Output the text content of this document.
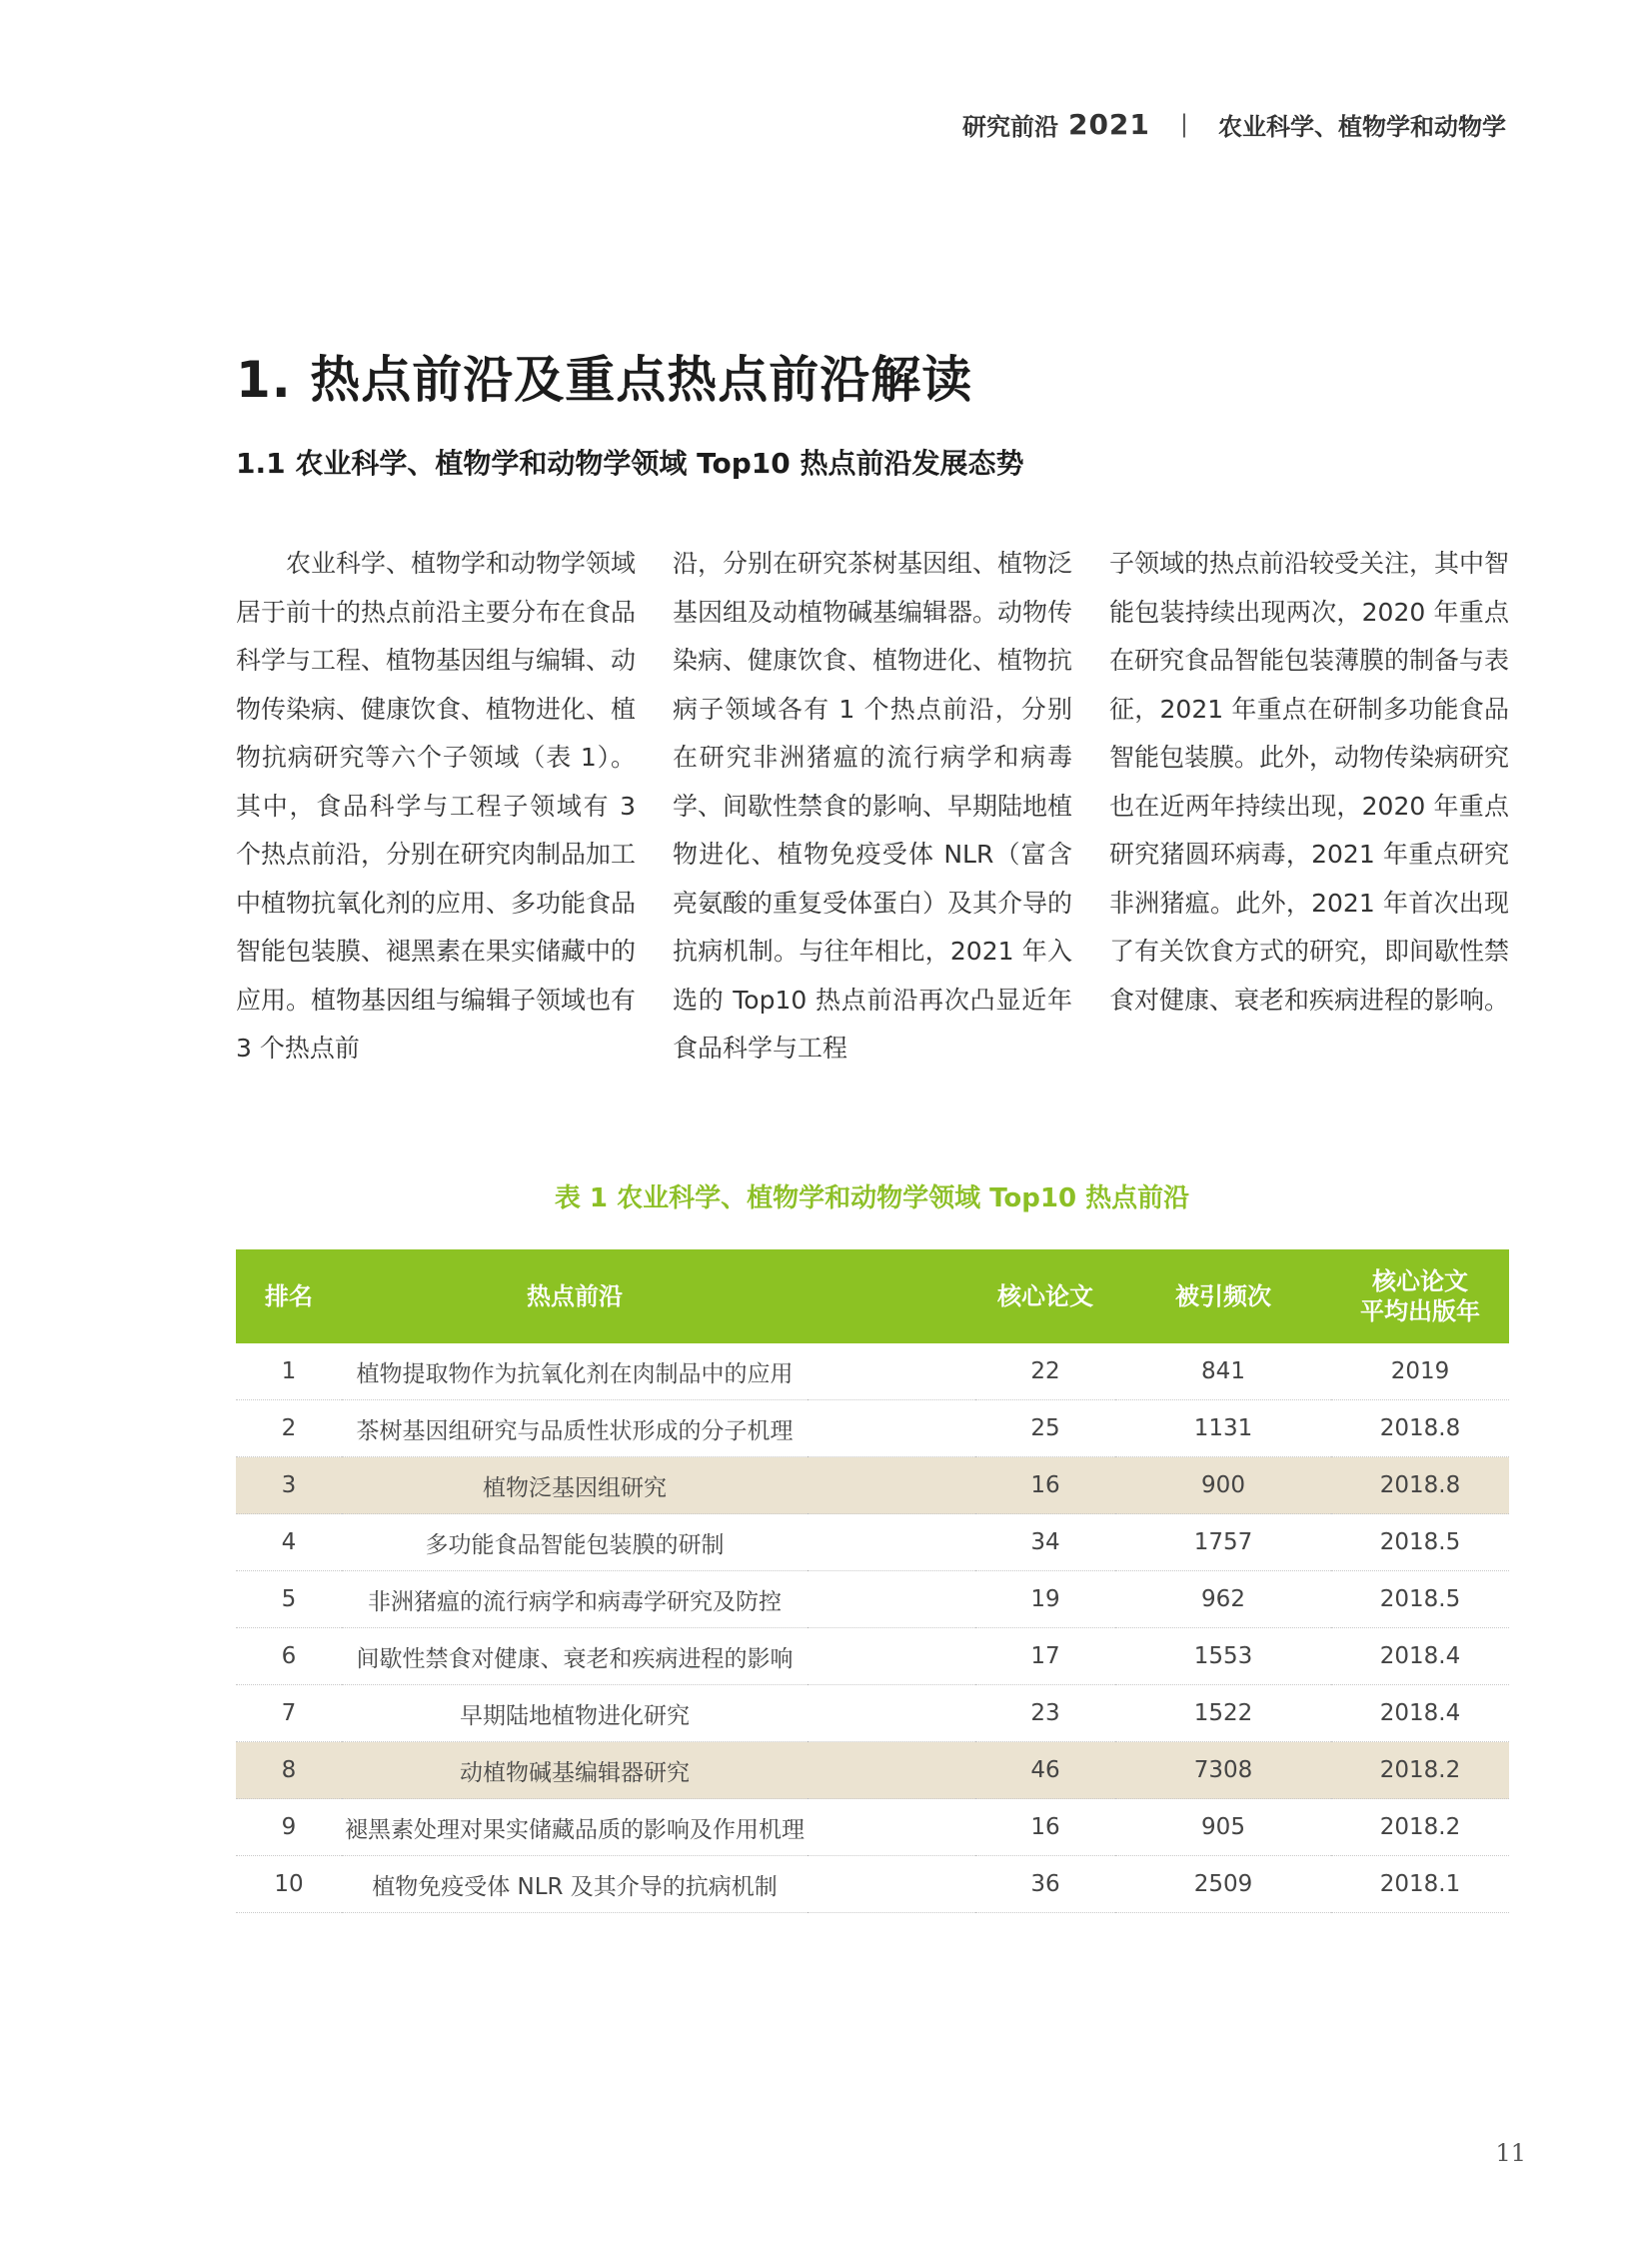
研究前沿 2021 | 农业科学、植物学和动物学
1. 热点前沿及重点热点前沿解读
1.1 农业科学、植物学和动物学领域 Top10 热点前沿发展态势
　　农业科学、植物学和动物学领域居于前十的热点前沿主要分布在食品科学与工程、植物基因组与编辑、动物传染病、健康饮食、植物进化、植物抗病研究等六个子领域（表 1）。其中，食品科学与工程子领域有 3 个热点前沿，分别在研究肉制品加工中植物抗氧化剂的应用、多功能食品智能包装膜、褪黑素在果实储藏中的应用。植物基因组与编辑子领域也有 3 个热点前
沿，分别在研究茶树基因组、植物泛基因组及动植物碱基编辑器。动物传染病、健康饮食、植物进化、植物抗病子领域各有 1 个热点前沿，分别在研究非洲猪瘟的流行病学和病毒学、间歇性禁食的影响、早期陆地植物进化、植物免疫受体 NLR（富含亮氨酸的重复受体蛋白）及其介导的抗病机制。与往年相比，2021 年入选的 Top10 热点前沿再次凸显近年食品科学与工程
子领域的热点前沿较受关注，其中智能包装持续出现两次，2020 年重点在研究食品智能包装薄膜的制备与表征，2021 年重点在研制多功能食品智能包装膜。此外，动物传染病研究也在近两年持续出现，2020 年重点研究猪圆环病毒，2021 年重点研究非洲猪瘟。此外，2021 年首次出现了有关饮食方式的研究，即间歇性禁食对健康、衰老和疾病进程的影响。
表 1 农业科学、植物学和动物学领域 Top10 热点前沿
排名	热点前沿		核心论文	被引频次	核心论文
平均出版年
1	植物提取物作为抗氧化剂在肉制品中的应用		22	841	2019
2	茶树基因组研究与品质性状形成的分子机理		25	1131	2018.8
3	植物泛基因组研究		16	900	2018.8
4	多功能食品智能包装膜的研制		34	1757	2018.5
5	非洲猪瘟的流行病学和病毒学研究及防控		19	962	2018.5
6	间歇性禁食对健康、衰老和疾病进程的影响		17	1553	2018.4
7	早期陆地植物进化研究		23	1522	2018.4
8	动植物碱基编辑器研究		46	7308	2018.2
9	褪黑素处理对果实储藏品质的影响及作用机理		16	905	2018.2
10	植物免疫受体 NLR 及其介导的抗病机制		36	2509	2018.1
11
